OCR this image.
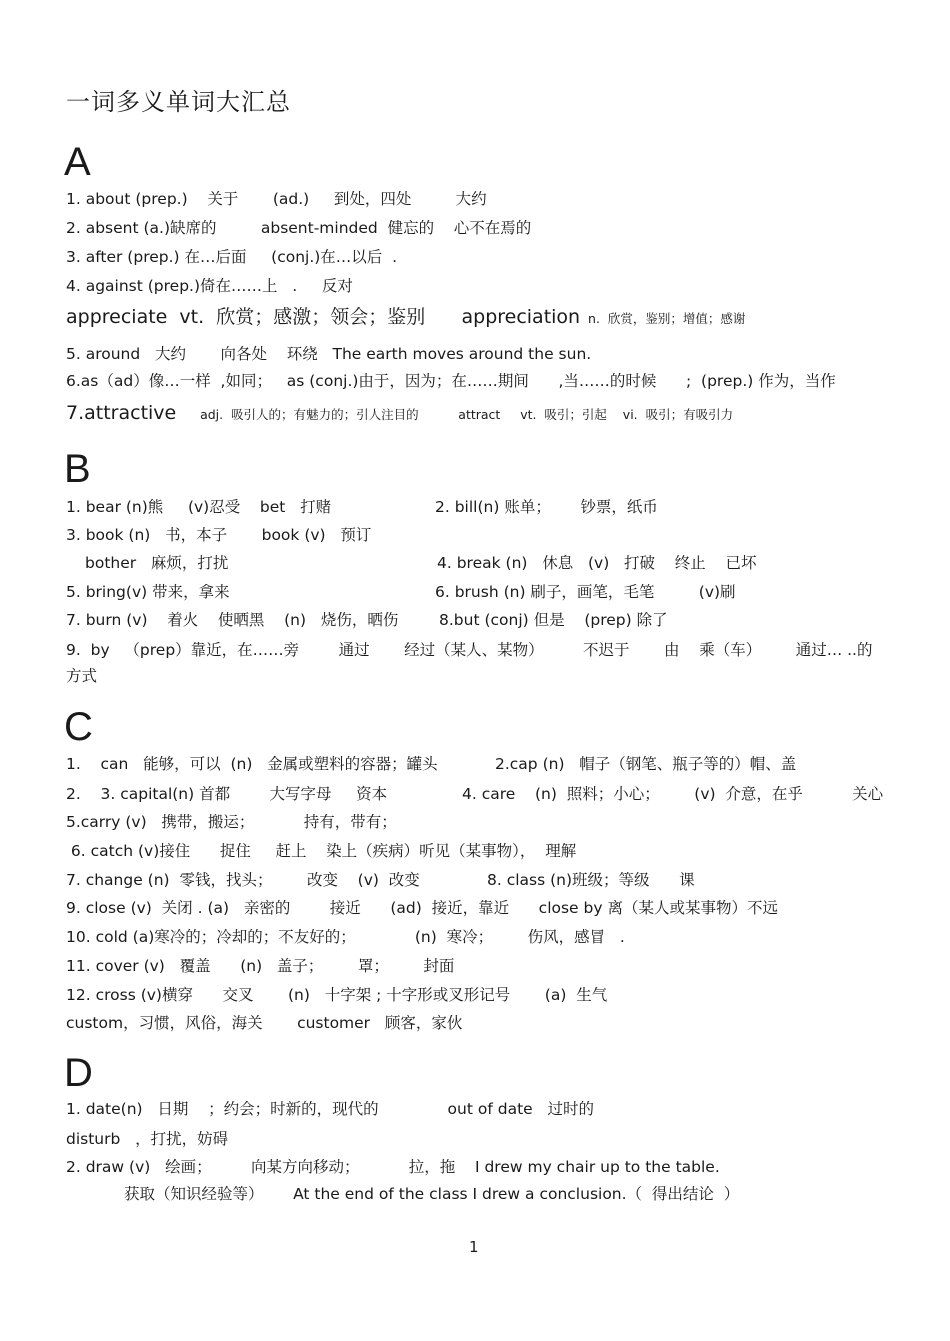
一词多义单词大汇总
A
1. about (prep.)    关于       (ad.)     到处，四处         大约
2. absent (a.)缺席的         absent-minded  健忘的    心不在焉的
3. after (prep.) 在…后面     (conj.)在…以后  .
4. against (prep.)倚在……上   .     反对
appreciate  vt.  欣赏；感激；领会；鉴别      appreciation  n.  欣赏，鉴别；增值；感谢
5. around   大约       向各处    环绕   The earth moves around the sun.
6.as（ad）像…一样  ,如同；   as (conj.)由于，因为；在……期间      ,当……的时候      ;  (prep.) 作为，当作
7.attractive      adj.  吸引人的；有魅力的；引人注目的          attract     vt.  吸引；引起    vi.  吸引；有吸引力
B
1. bear (n)熊     (v)忍受    bet   打赌	2. bill(n) 账单；      钞票，纸币
3. book (n)   书，本子       book (v)   预订
bother   麻烦，打扰	4. break (n)   休息   (v)   打破    终止    已坏
5. bring(v) 带来，拿来	6. brush (n) 刷子，画笔，毛笔         (v)刷
7. burn (v)    着火    使晒黑    (n)   烧伤，晒伤	8.but (conj) 但是    (prep) 除了
9.  by   （prep）靠近，在……旁        通过       经过（某人、某物）        不迟于       由    乘（车）       通过… ..的
方式
C
1.    can   能够，可以  (n)   金属或塑料的容器；罐头	2.cap (n)   帽子（钢笔、瓶子等的）帽、盖
2.    3. capital(n) 首都        大写字母     资本	4. care    (n)  照料；小心；       (v)  介意，在乎          关心
5.carry (v)   携带，搬运；          持有，带有；
6. catch (v)接住      捉住     赶上    染上（疾病）听见（某事物），  理解
7. change (n)  零钱，找头；       改变    (v)  改变	8. class (n)班级；等级      课
9. close (v)  关闭 . (a)   亲密的        接近      (ad)  接近，靠近      close by 离（某人或某事物）不远
10. cold (a)寒冷的；冷却的；不友好的；            (n)  寒冷；       伤风，感冒   .
11. cover (v)   覆盖      (n)   盖子；       罩；       封面
12. cross (v)横穿      交叉       (n)   十字架 ; 十字形或叉形记号       (a)  生气
custom，习惯，风俗，海关       customer   顾客，家伙
D
1. date(n)   日期    ；约会；时新的，现代的              out of date   过时的
disturb   ，打扰，妨碍
2. draw (v)   绘画；        向某方向移动；          拉，拖    I drew my chair up to the table.
获取（知识经验等）      At the end of the class I drew a conclusion.（  得出结论  ）
1
